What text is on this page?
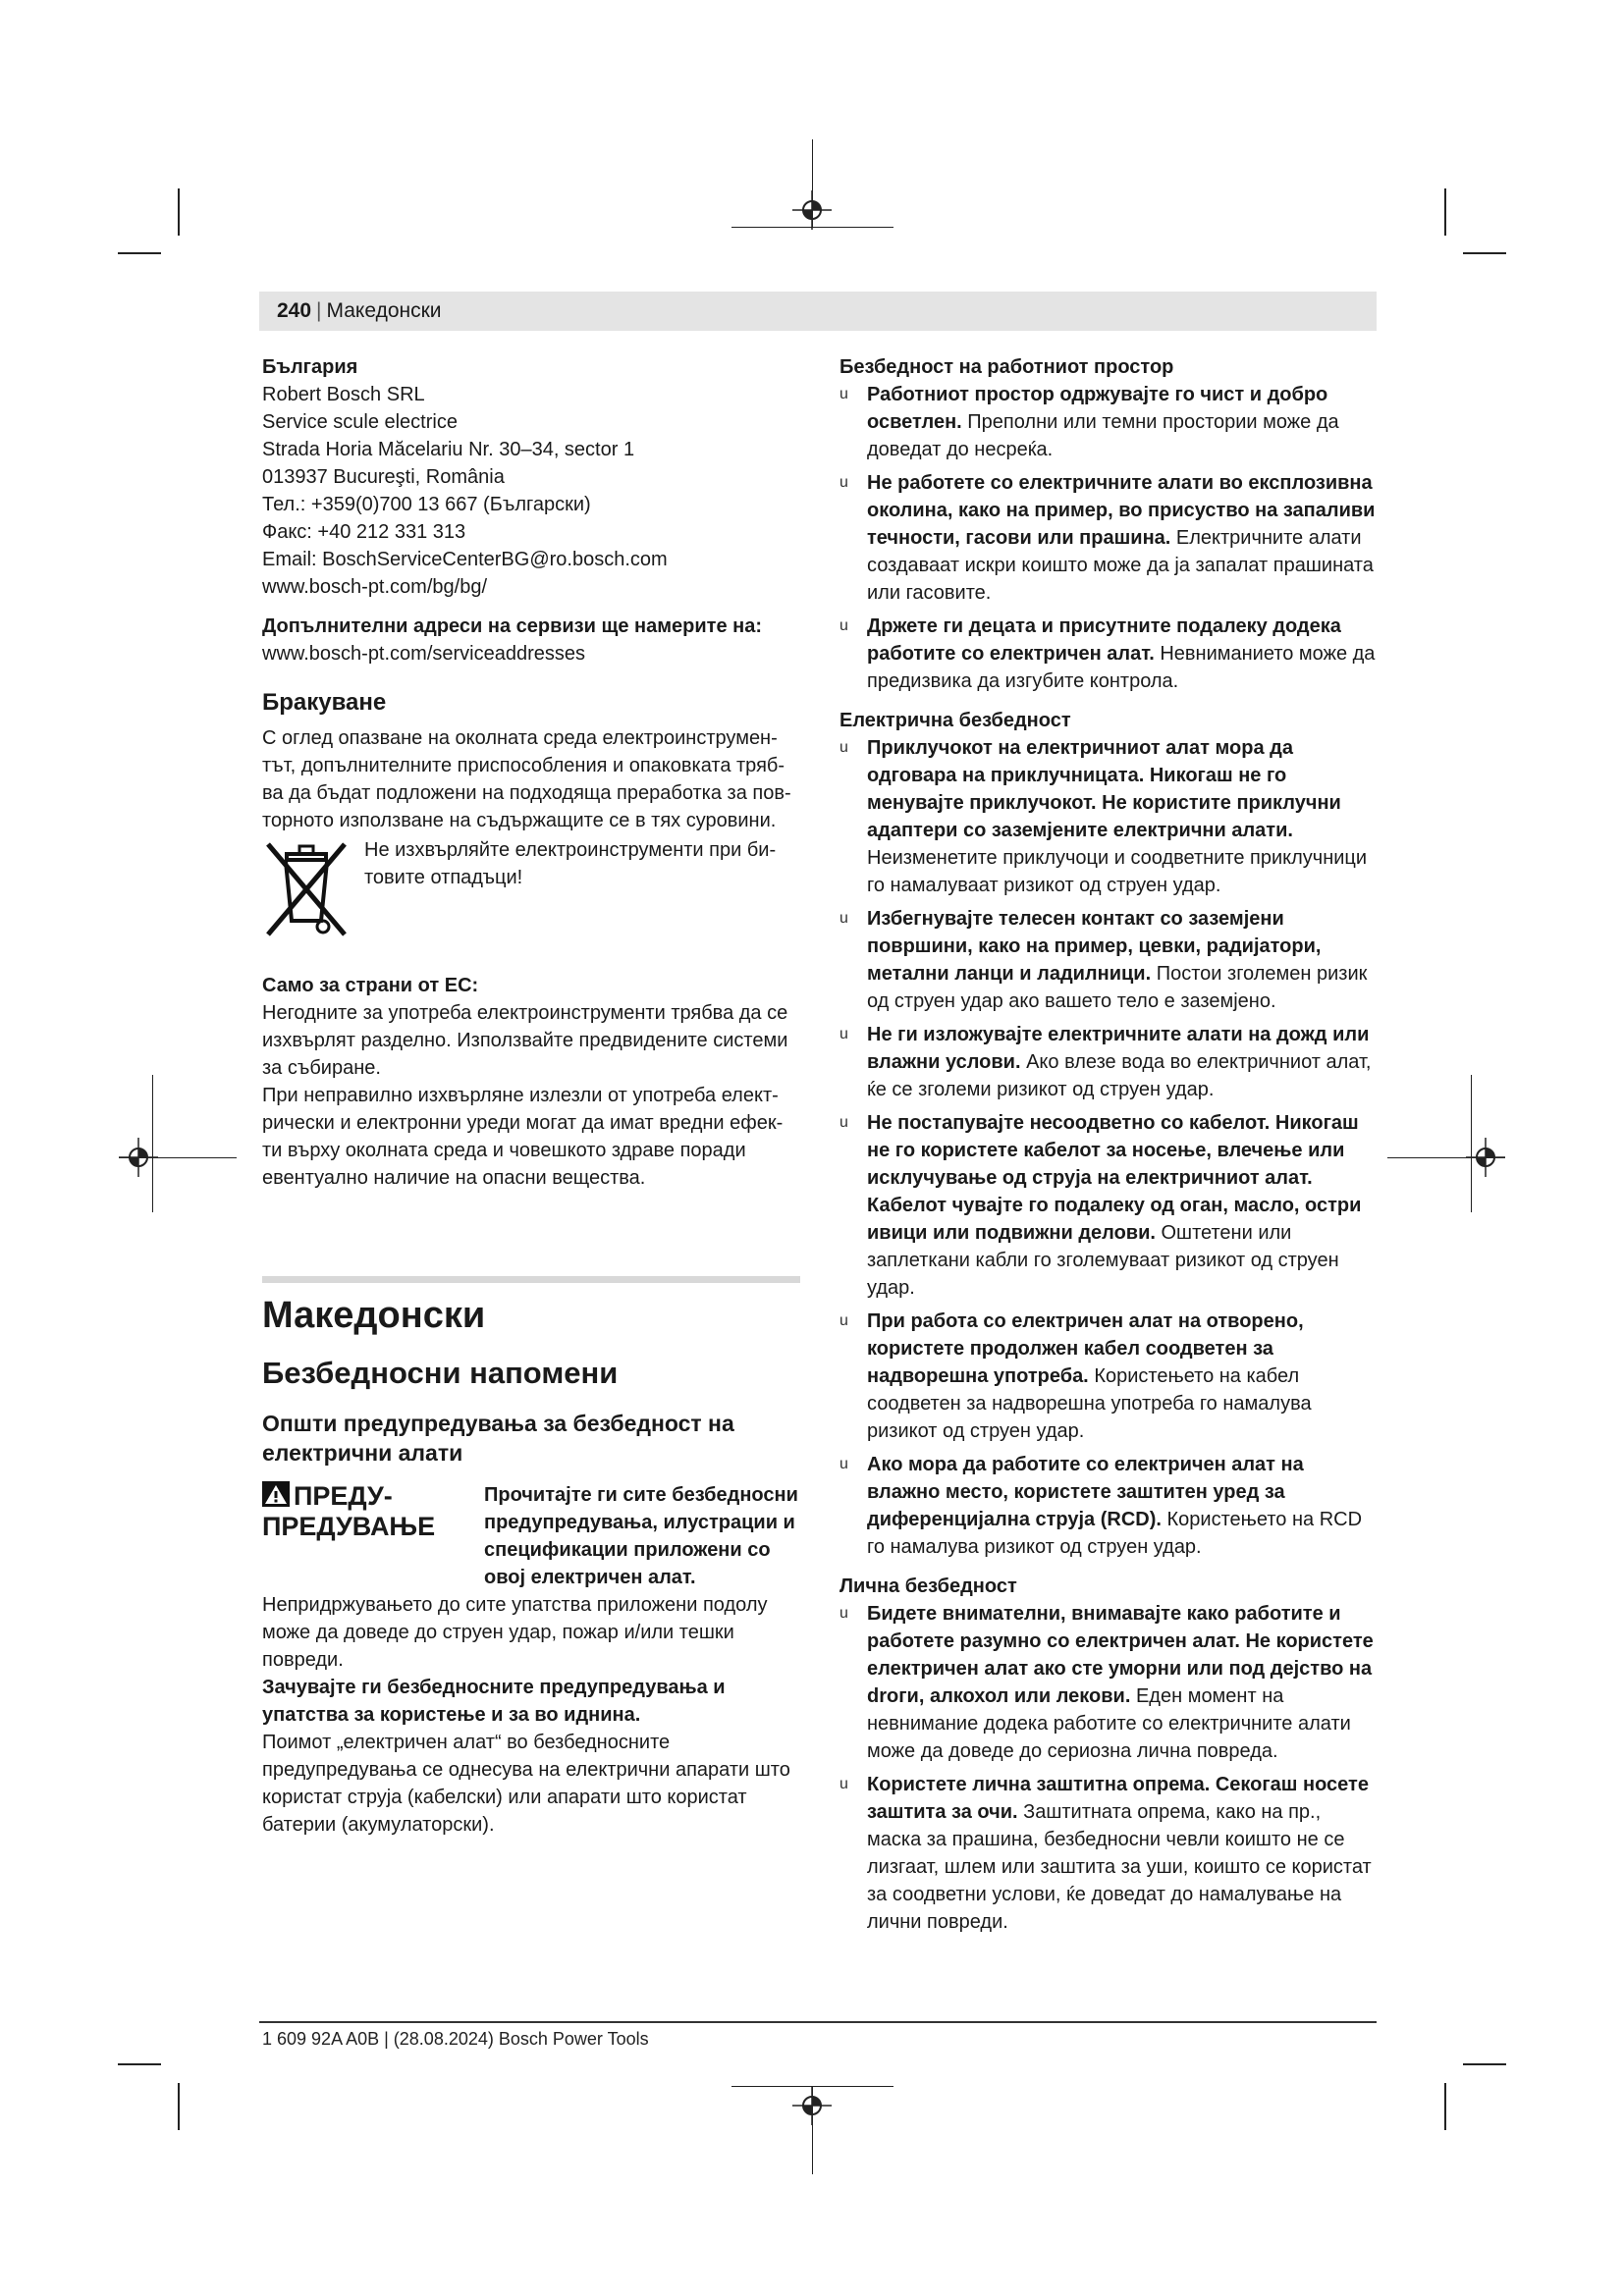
240 | Македонски

България

Robert Bosch SRL

Service scule electrice

Strada Horia Măcelariu Nr. 30–34, sector 1

013937 Bucureşti, România

Тел.: +359(0)700 13 667 (Български)

Факс: +40 212 331 313

Email: BoschServiceCenterBG@ro.bosch.com

www.bosch-pt.com/bg/bg/

Допълнителни адреси на сервизи ще намерите на:

www.bosch-pt.com/serviceaddresses

Бракуване

С оглед опазване на околната среда електроинструмен- тът, допълнителните приспособления и опаковката тряб- ва да бъдат подложени на подходяща преработка за пов- торното използване на съдържащите се в тях суровини.

Не изхвърляйте електроинструменти при би- товите отпадъци!

Само за страни от ЕС:

Негодните за употреба електроинструменти трябва да се изхвърлят разделно. Използвайте предвидените системи за събиране.

При неправилно изхвърляне излезли от употреба елект- рически и електронни уреди могат да имат вредни ефек- ти върху околната среда и човешкото здраве поради евентуално наличие на опасни вещества.

Македонски

Безбедносни напомени

Општи предупредувања за безбедност на електрични алати

ПРЕДУ- ПРЕДУВАЊЕ
Прочитајте ги сите безбедносни предупредувања, илустрации и спецификации приложени со овој електричен алат.

Непридржувањето до сите упатства приложени подолу може да доведе до струен удар, пожар и/или тешки повреди.

Зачувајте ги безбедносните предупредувања и упатства за користење и за во иднина.

Поимот „електричен алат“ во безбедносните предупредувања се однесува на електрични апарати што користат струја (кабелски) или апарати што користат батерии (акумулаторски).

Безбедност на работниот простор

u Работниот простор одржувајте го чист и добро осветлен. Преполни или темни простории може да доведат до несреќа.
u Не работете со електричните алати во експлозивна околина, како на пример, во присуство на запаливи течности, гасови или прашина. Електричните алати создаваат искри коишто може да ја запалат прашината или гасовите.
u Држете ги децата и присутните подалеку додека работите со електричен алат. Невниманието може да предизвика да изгубите контрола.

Електрична безбедност

u Приклучокот на електричниот алат мора да одговара на приклучницата. Никогаш не го менувајте приклучокот. Не користите приклучни адаптери со заземјените електрични алати. Неизменетите приклучоци и соодветните приклучници го намалуваат ризикот од струен удар.
u Избегнувајте телесен контакт со заземјени површини, како на пример, цевки, радијатори, метални ланци и ладилници. Постои зголемен ризик од струен удар ако вашето тело е заземјено.
u Не ги изложувајте електричните алати на дожд или влажни услови. Ако влезе вода во електричниот алат, ќе се зголеми ризикот од струен удар.
u Не постапувајте несоодветно со кабелот. Никогаш не го користете кабелот за носење, влечење или исклучување од струја на електричниот алат. Кабелот чувајте го подалеку од оган, масло, остри ивици или подвижни делови. Оштетени или заплеткани кабли го зголемуваат ризикот од струен удар.
u При работа со електричен алат на отворено, користете продолжен кабел соодветен за надворешна употреба. Користењето на кабел соодветен за надворешна употреба го намалува ризикот од струен удар.
u Ако мора да работите со електричен алат на влажно место, користете заштитен уред за диференцијална струја (RCD). Користењето на RCD го намалува ризикот од струен удар.

Лична безбедност

u Бидете внимателни, внимавајте како работите и работете разумно со електричен алат. Не користете електричен алат ако сте уморни или под дејство на droги, алкохол или лекови. Еден момент на невнимание додека работите со електричните алати може да доведе до сериозна лична повреда.
u Користете лична заштитна опрема. Секогаш носете заштита за очи. Заштитната опрема, како на пр., маска за прашина, безбедносни чевли коишто не се лизгаат, шлем или заштита за уши, коишто се користат за соодветни услови, ќе доведат до намалување на лични повреди.
1 609 92A A0B | (28.08.2024) Bosch Power Tools
